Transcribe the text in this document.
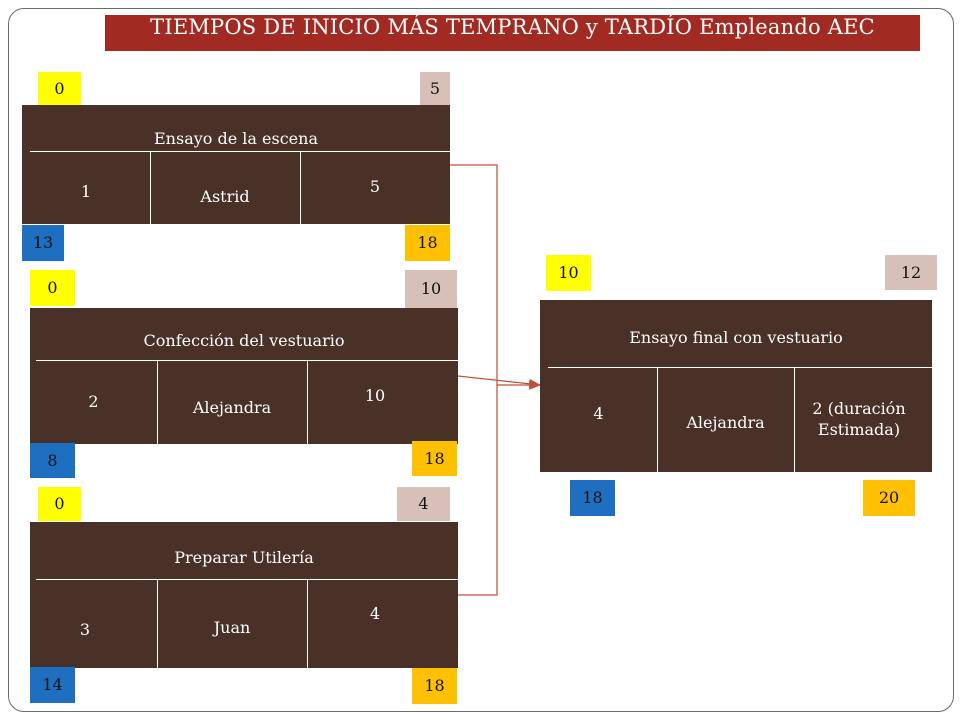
TIEMPOS DE INICIO MÁS TEMPRANO y TARDÍO Empleando AEC
0	5
Ensayo de la escena
1	Astrid
5
13	18
0	10
Confección del vestuario
2	Alejandra
10
8	18
0	4
Preparar Utilería
3	Juan
4
14	18
10	12
Ensayo final con vestuario
4	Alejandra
2 (duración
Estimada)
18	20
